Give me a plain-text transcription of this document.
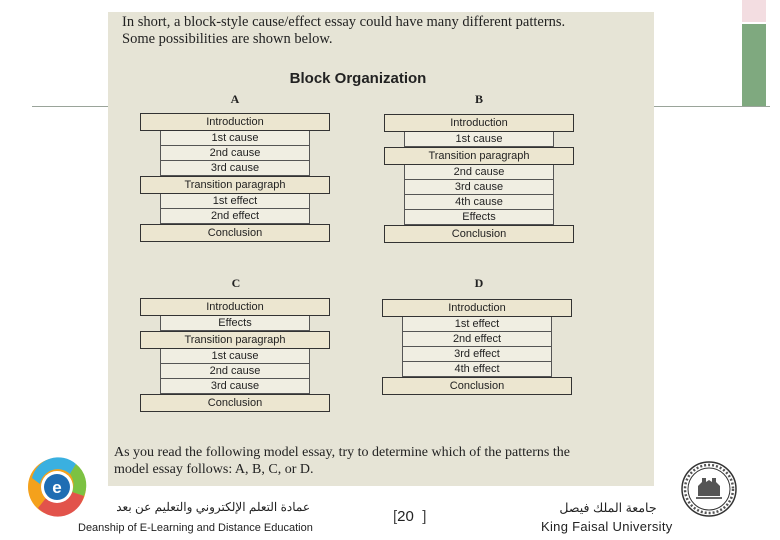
In short, a block-style cause/effect essay could have many different patterns.
Some possibilities are shown below.
Block Organization
A
Introduction
1st cause
2nd cause
3rd cause
Transition paragraph
1st effect
2nd effect
Conclusion
B
Introduction
1st cause
Transition paragraph
2nd cause
3rd cause
4th cause
Effects
Conclusion
C
Introduction
Effects
Transition paragraph
1st cause
2nd cause
3rd cause
Conclusion
D
Introduction
1st effect
2nd effect
3rd effect
4th effect
Conclusion
As you read the following model essay, try to determine which of the patterns the
model essay follows: A, B, C, or D.
e
عمادة التعلم الإلكتروني والتعليم عن بعد
Deanship of E-Learning and Distance Education
[20  ]	جامعة الملك فيصل
King Faisal University
